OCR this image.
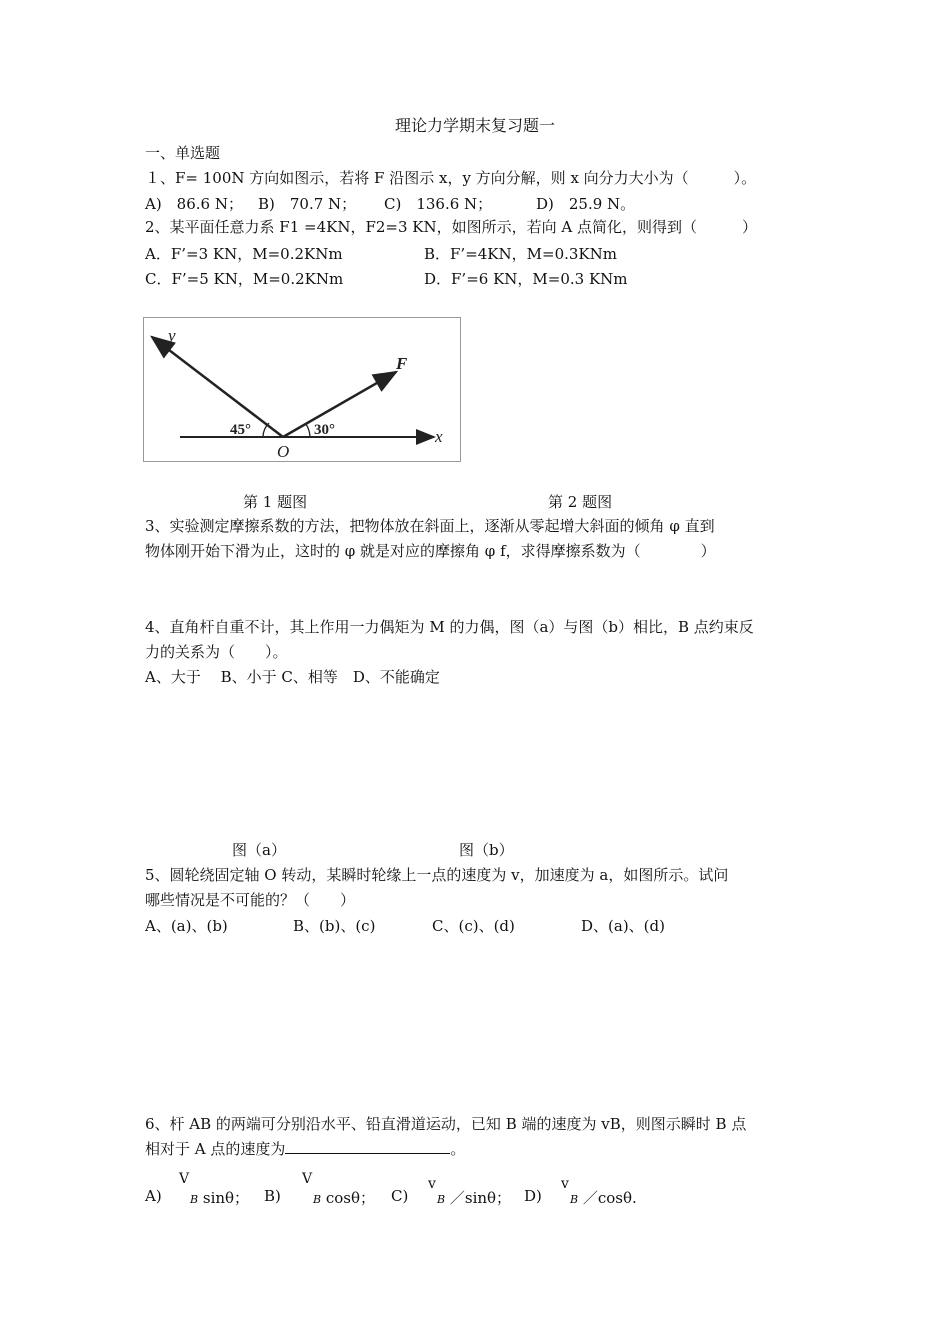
理论力学期末复习题一
一、单选题
１、F= 100N 方向如图示，若将 F 沿图示 x，y 方向分解，则 x 向分力大小为（　　　）。
A)　86.6 N； B)　70.7 N； C)　136.6 N；	D)　25.9 N。
2、某平面任意力系 F1 =4KN，F2=3 KN，如图所示，若向 A 点简化，则得到（　　　）
A．F’=3 KN，M=0.2KNm	B．F’=4KN，M=0.3KNm
C．F’=5 KN，M=0.2KNm	D．F’=6 KN，M=0.3 KNm
y
F
x
O
45°	30°
第 1 题图	第 2 题图
3、实验测定摩擦系数的方法，把物体放在斜面上，逐渐从零起增大斜面的倾角 φ 直到
物体刚开始下滑为止，这时的 φ 就是对应的摩擦角 φ f，求得摩擦系数为（　　　　）
4、直角杆自重不计，其上作用一力偶矩为 M 的力偶，图（a）与图（b）相比，B 点约束反
力的关系为（　　）。
A、大于　 B、小于 C、相等　D、不能确定
图（a）	图（b）
5、圆轮绕固定轴 O 转动，某瞬时轮缘上一点的速度为 v，加速度为 a，如图所示。试问
哪些情况是不可能的？（　　）
A、(a)、(b)	B、(b)、(c)	C、(c)、(d)	D、(a)、(d)
6、杆 AB 的两端可分别沿水平、铅直滑道运动，已知 B 端的速度为 vB，则图示瞬时 B 点
相对于 A 点的速度为	。
A)
V
B sinθ； B)
V
B cosθ； C)
v
B ／sinθ； D)
v
B ／cosθ.
